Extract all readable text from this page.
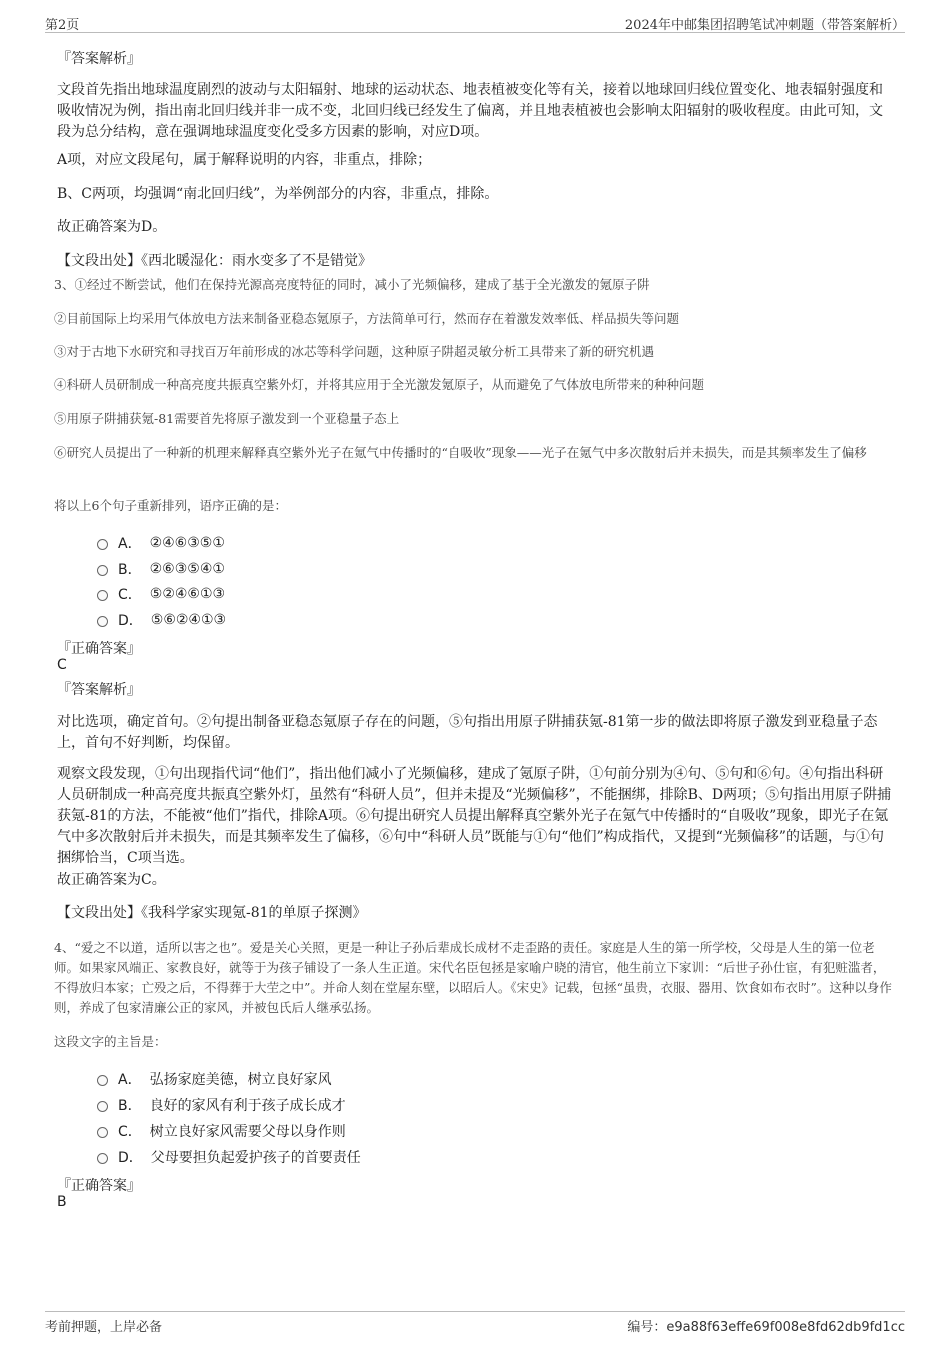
第2页	2024年中邮集团招聘笔试冲刺题（带答案解析）
『答案解析』
文段首先指出地球温度剧烈的波动与太阳辐射、地球的运动状态、地表植被变化等有关，接着以地球回归线位置变化、地表辐射强度和吸收情况为例，指出南北回归线并非一成不变，北回归线已经发生了偏离，并且地表植被也会影响太阳辐射的吸收程度。由此可知，文段为总分结构，意在强调地球温度变化受多方因素的影响，对应D项。
A项，对应文段尾句，属于解释说明的内容，非重点，排除；
B、C两项，均强调“南北回归线”，为举例部分的内容，非重点，排除。
故正确答案为D。
【文段出处】《西北暖湿化：雨水变多了不是错觉》
3、①经过不断尝试，他们在保持光源高亮度特征的同时，减小了光频偏移，建成了基于全光激发的氪原子阱
②目前国际上均采用气体放电方法来制备亚稳态氪原子，方法简单可行，然而存在着激发效率低、样品损失等问题
③对于古地下水研究和寻找百万年前形成的冰芯等科学问题，这种原子阱超灵敏分析工具带来了新的研究机遇
④科研人员研制成一种高亮度共振真空紫外灯，并将其应用于全光激发氪原子，从而避免了气体放电所带来的种种问题
⑤用原子阱捕获氪-81需要首先将原子激发到一个亚稳量子态上
⑥研究人员提出了一种新的机理来解释真空紫外光子在氪气中传播时的“自吸收”现象——光子在氪气中多次散射后并未损失，而是其频率发生了偏移
将以上6个句子重新排列，语序正确的是：
A． ②④⑥③⑤①
B． ②⑥③⑤④①
C． ⑤②④⑥①③
D． ⑤⑥②④①③
『正确答案』
C
『答案解析』
对比选项，确定首句。②句提出制备亚稳态氪原子存在的问题，⑤句指出用原子阱捕获氪-81第一步的做法即将原子激发到亚稳量子态上，首句不好判断，均保留。
观察文段发现，①句出现指代词“他们”，指出他们减小了光频偏移，建成了氪原子阱，①句前分别为④句、⑤句和⑥句。④句指出科研人员研制成一种高亮度共振真空紫外灯，虽然有“科研人员”，但并未提及“光频偏移”，不能捆绑，排除B、D两项；⑤句指出用原子阱捕获氪-81的方法，不能被“他们”指代，排除A项。⑥句提出研究人员提出解释真空紫外光子在氪气中传播时的“自吸收”现象，即光子在氪气中多次散射后并未损失，而是其频率发生了偏移，⑥句中“科研人员”既能与①句“他们”构成指代，又提到“光频偏移”的话题，与①句捆绑恰当，C项当选。
故正确答案为C。
【文段出处】《我科学家实现氪-81的单原子探测》
4、“爱之不以道，适所以害之也”。爱是关心关照，更是一种让子孙后辈成长成材不走歪路的责任。家庭是人生的第一所学校，父母是人生的第一位老师。如果家风端正、家教良好，就等于为孩子铺设了一条人生正道。宋代名臣包拯是家喻户晓的清官，他生前立下家训：“后世子孙仕宦，有犯赃滥者，不得放归本家；亡殁之后，不得葬于大茔之中”。并命人刻在堂屋东壁，以昭后人。《宋史》记载，包拯“虽贵，衣服、器用、饮食如布衣时”。这种以身作则，养成了包家清廉公正的家风，并被包氏后人继承弘扬。
这段文字的主旨是：
A． 弘扬家庭美德，树立良好家风
B． 良好的家风有利于孩子成长成才
C． 树立良好家风需要父母以身作则
D． 父母要担负起爱护孩子的首要责任
『正确答案』
B
考前押题，上岸必备	编号：e9a88f63effe69f008e8fd62db9fd1cc
